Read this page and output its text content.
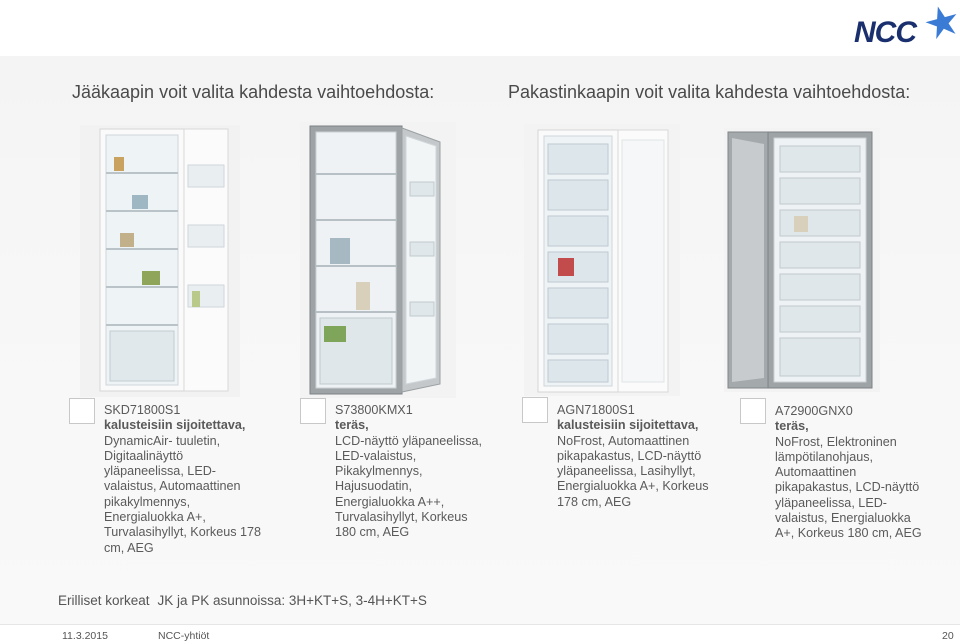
NCC
Jääkaapin voit valita kahdesta vaihtoehdosta:	Pakastinkaapin voit valita kahdesta vaihtoehdosta:
SKD71800S1
kalusteisiin sijoitettava,
DynamicAir- tuuletin,
Digitaalinäyttö
yläpaneelissa, LED-
valaistus, Automaattinen
pikakylmennys,
Energialuokka A+,
Turvalasihyllyt, Korkeus 178
cm, AEG
S73800KMX1
teräs,
LCD-näyttö yläpaneelissa,
LED-valaistus,
Pikakylmennys,
Hajusuodatin,
Energialuokka A++,
Turvalasihyllyt, Korkeus
180 cm, AEG
AGN71800S1
kalusteisiin sijoitettava,
NoFrost, Automaattinen
pikapakastus, LCD-näyttö
yläpaneelissa, Lasihyllyt,
Energialuokka A+, Korkeus
178 cm, AEG
A72900GNX0
teräs,
NoFrost, Elektroninen
lämpötilanohjaus,
Automaattinen
pikapakastus, LCD-näyttö
yläpaneelissa, LED-
valaistus, Energialuokka
A+, Korkeus 180 cm, AEG
Erilliset korkeat JK ja PK asunnoissa: 3H+KT+S, 3-4H+KT+S
11.3.2015	NCC-yhtiöt	20
